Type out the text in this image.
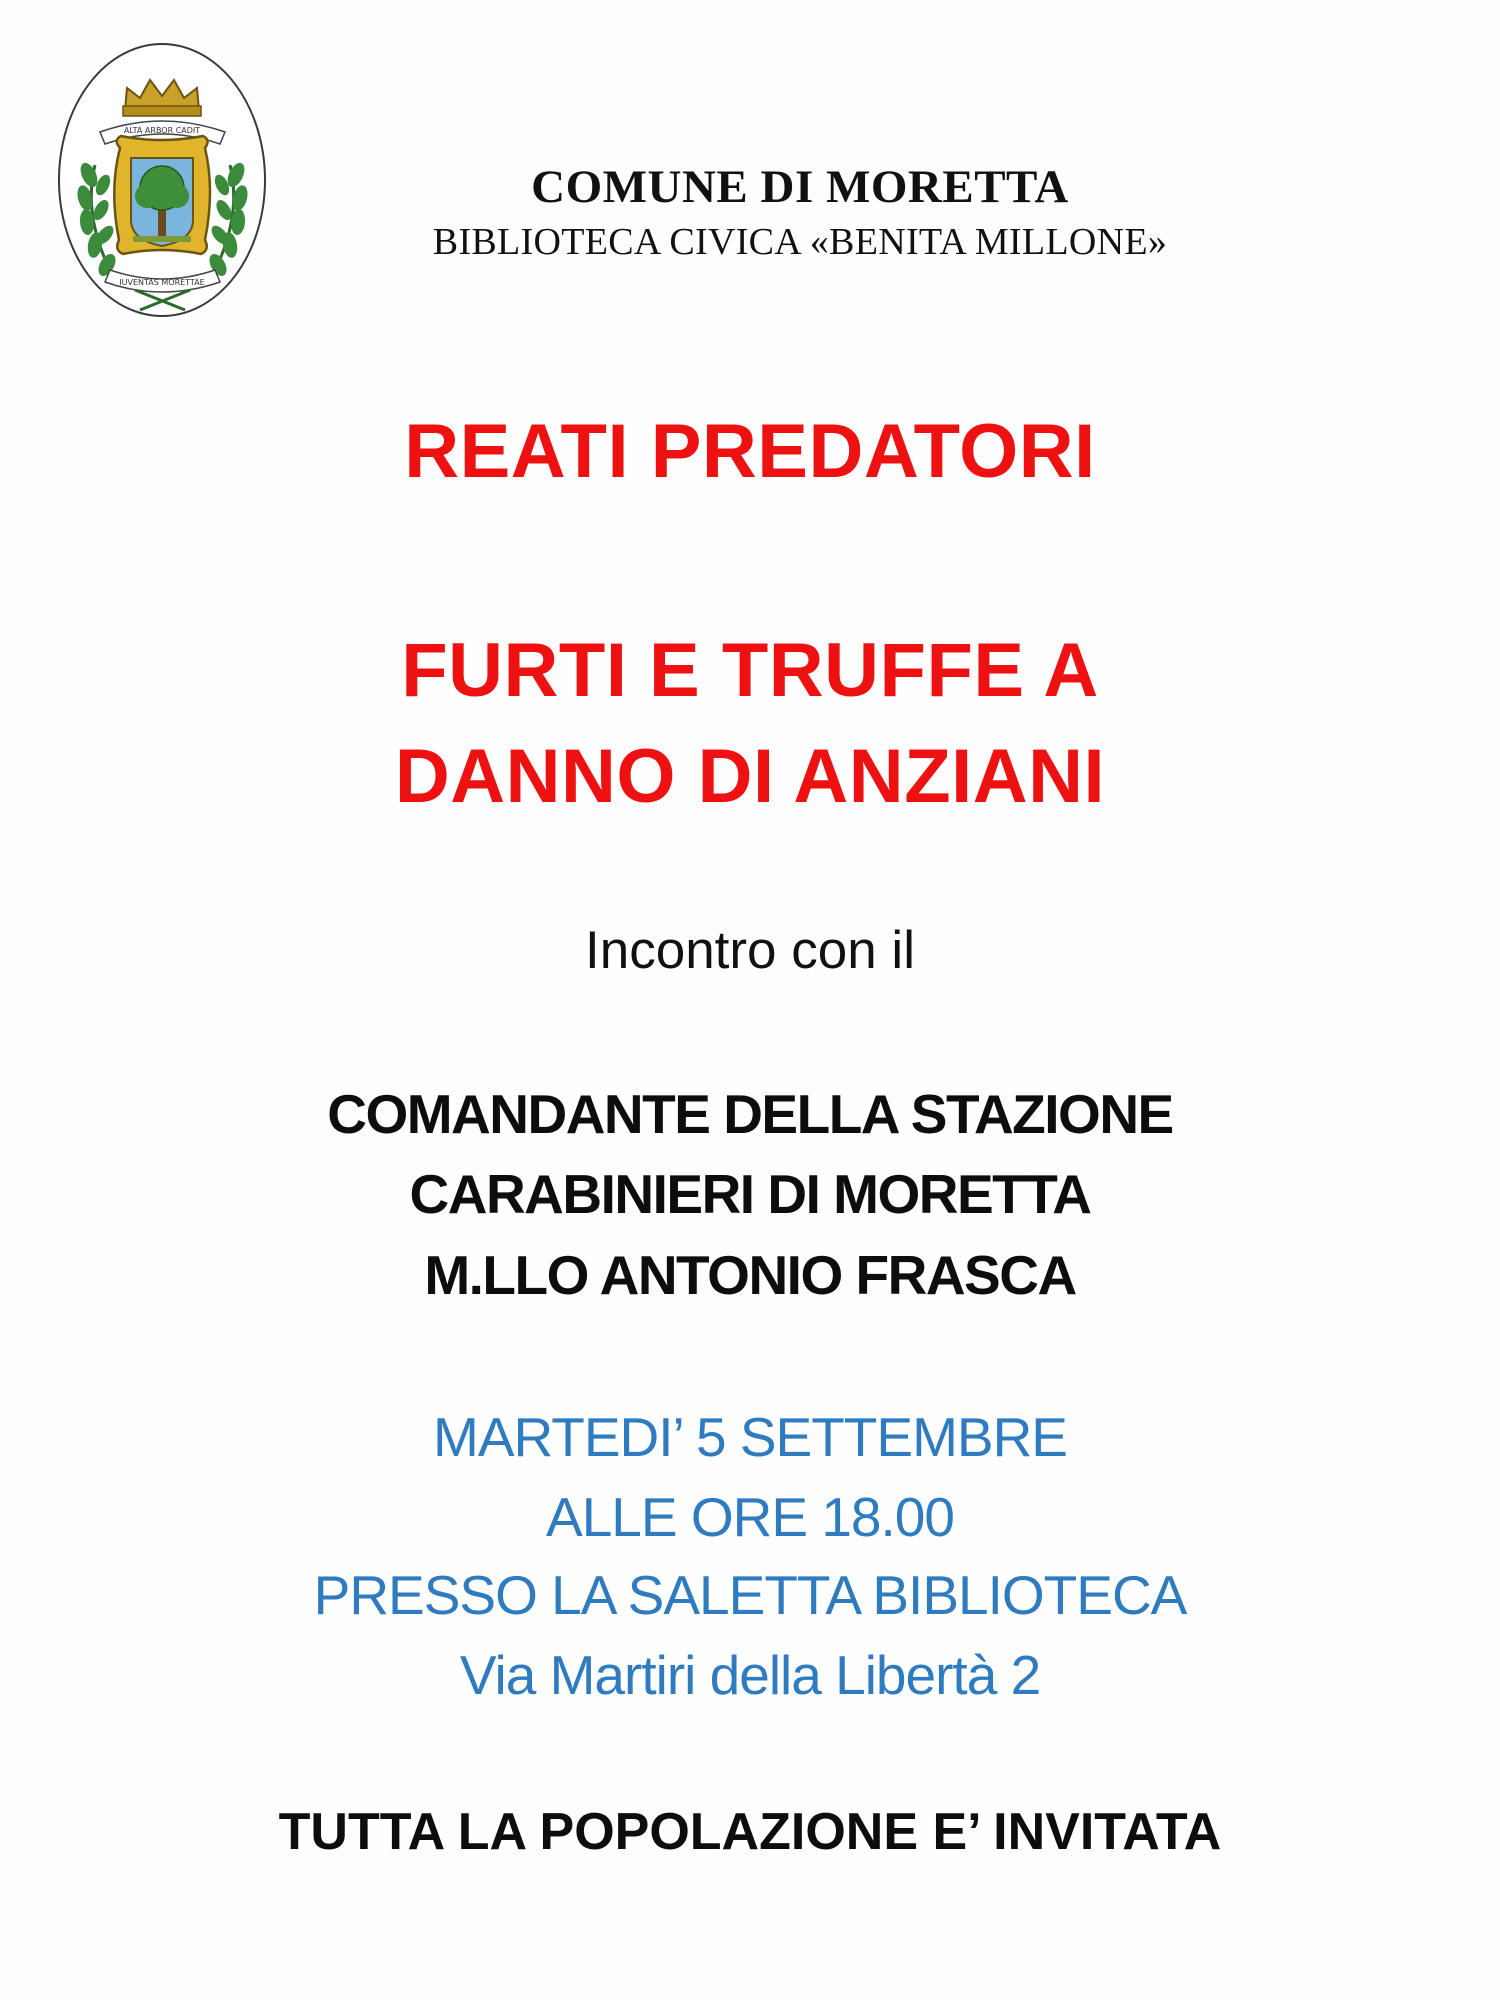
ALTA ARBOR CADIT
IUVENTAS MORETTAE
COMUNE DI MORETTA
BIBLIOTECA CIVICA «BENITA MILLONE»
REATI PREDATORI
FURTI E TRUFFE A
DANNO DI ANZIANI
Incontro con il
COMANDANTE DELLA STAZIONE
CARABINIERI DI MORETTA
M.LLO ANTONIO FRASCA
MARTEDI’ 5 SETTEMBRE
ALLE ORE 18.00
PRESSO LA SALETTA BIBLIOTECA
Via Martiri della Libertà 2
TUTTA LA POPOLAZIONE E’ INVITATA
